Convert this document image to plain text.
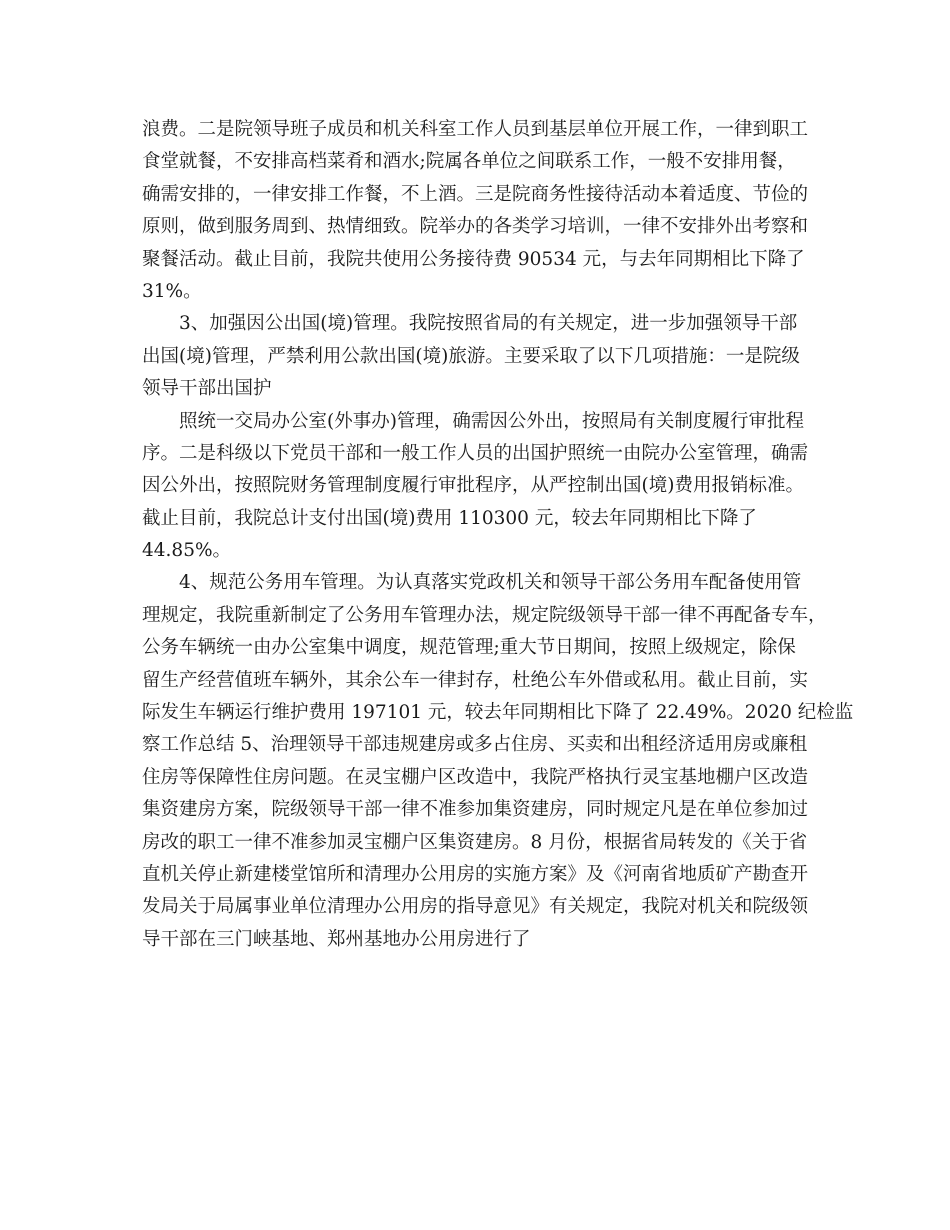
浪费。二是院领导班子成员和机关科室工作人员到基层单位开展工作，一律到职工
食堂就餐，不安排高档菜肴和酒水;院属各单位之间联系工作，一般不安排用餐，
确需安排的，一律安排工作餐，不上酒。三是院商务性接待活动本着适度、节俭的
原则，做到服务周到、热情细致。院举办的各类学习培训，一律不安排外出考察和
聚餐活动。截止目前，我院共使用公务接待费 90534 元，与去年同期相比下降了
31%。
3、加强因公出国(境)管理。我院按照省局的有关规定，进一步加强领导干部
出国(境)管理，严禁利用公款出国(境)旅游。主要采取了以下几项措施：一是院级
领导干部出国护
照统一交局办公室(外事办)管理，确需因公外出，按照局有关制度履行审批程
序。二是科级以下党员干部和一般工作人员的出国护照统一由院办公室管理，确需
因公外出，按照院财务管理制度履行审批程序，从严控制出国(境)费用报销标准。
截止目前，我院总计支付出国(境)费用 110300 元，较去年同期相比下降了
44.85%。
4、规范公务用车管理。为认真落实党政机关和领导干部公务用车配备使用管
理规定，我院重新制定了公务用车管理办法，规定院级领导干部一律不再配备专车，
公务车辆统一由办公室集中调度，规范管理;重大节日期间，按照上级规定，除保
留生产经营值班车辆外，其余公车一律封存，杜绝公车外借或私用。截止目前，实
际发生车辆运行维护费用 197101 元，较去年同期相比下降了 22.49%。2020 纪检监
察工作总结 5、治理领导干部违规建房或多占住房、买卖和出租经济适用房或廉租
住房等保障性住房问题。在灵宝棚户区改造中，我院严格执行灵宝基地棚户区改造
集资建房方案，院级领导干部一律不准参加集资建房，同时规定凡是在单位参加过
房改的职工一律不准参加灵宝棚户区集资建房。8 月份，根据省局转发的《关于省
直机关停止新建楼堂馆所和清理办公用房的实施方案》及《河南省地质矿产勘查开
发局关于局属事业单位清理办公用房的指导意见》有关规定，我院对机关和院级领
导干部在三门峡基地、郑州基地办公用房进行了
